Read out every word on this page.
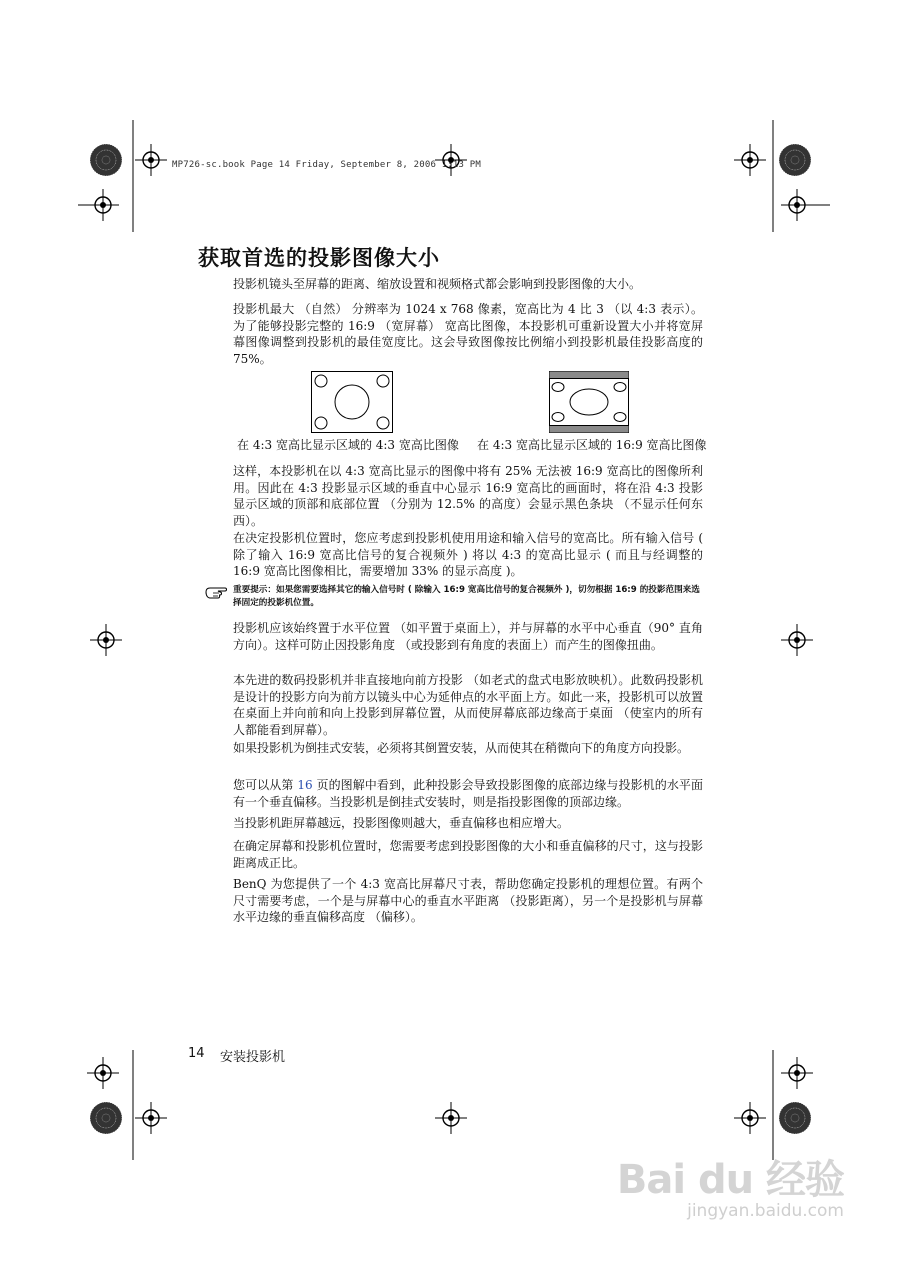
MP726-sc.book Page 14 Friday, September 8, 2006 1:13 PM
获取首选的投影图像大小
投影机镜头至屏幕的距离、缩放设置和视频格式都会影响到投影图像的大小。
投影机最大 （自然） 分辨率为 1024 x 768 像素，宽高比为 4 比 3 （以 4:3 表示）。为了能够投影完整的 16:9 （宽屏幕） 宽高比图像，本投影机可重新设置大小并将宽屏幕图像调整到投影机的最佳宽度比。这会导致图像按比例缩小到投影机最佳投影高度的 75%。
在 4:3 宽高比显示区域的 4:3 宽高比图像 在 4:3 宽高比显示区域的 16:9 宽高比图像
这样，本投影机在以 4:3 宽高比显示的图像中将有 25% 无法被 16:9 宽高比的图像所利用。因此在 4:3 投影显示区域的垂直中心显示 16:9 宽高比的画面时，将在沿 4:3 投影显示区域的顶部和底部位置 （分别为 12.5% 的高度）会显示黑色条块 （不显示任何东西）。
在决定投影机位置时，您应考虑到投影机使用用途和输入信号的宽高比。所有输入信号 ( 除了输入 16:9 宽高比信号的复合视频外 ) 将以 4:3 的宽高比显示 ( 而且与经调整的 16:9 宽高比图像相比，需要增加 33% 的显示高度 )。
重要提示：如果您需要选择其它的输入信号时 ( 除输入 16:9 宽高比信号的复合视频外 )，切勿根据 16:9 的投影范围来选择固定的投影机位置。
投影机应该始终置于水平位置 （如平置于桌面上），并与屏幕的水平中心垂直（90° 直角方向）。这样可防止因投影角度 （或投影到有角度的表面上）而产生的图像扭曲。
本先进的数码投影机并非直接地向前方投影 （如老式的盘式电影放映机）。此数码投影机是设计的投影方向为前方以镜头中心为延伸点的水平面上方。如此一来，投影机可以放置在桌面上并向前和向上投影到屏幕位置，从而使屏幕底部边缘高于桌面 （使室内的所有人都能看到屏幕）。
如果投影机为倒挂式安装，必须将其倒置安装，从而使其在稍微向下的角度方向投影。
您可以从第 16 页的图解中看到，此种投影会导致投影图像的底部边缘与投影机的水平面有一个垂直偏移。当投影机是倒挂式安装时，则是指投影图像的顶部边缘。
当投影机距屏幕越远，投影图像则越大，垂直偏移也相应增大。
在确定屏幕和投影机位置时，您需要考虑到投影图像的大小和垂直偏移的尺寸，这与投影距离成正比。
BenQ 为您提供了一个 4:3 宽高比屏幕尺寸表，帮助您确定投影机的理想位置。有两个尺寸需要考虑，一个是与屏幕中心的垂直水平距离 （投影距离），另一个是投影机与屏幕水平边缘的垂直偏移高度 （偏移）。
14 安装投影机
Bai du 经验
jingyan.baidu.com
